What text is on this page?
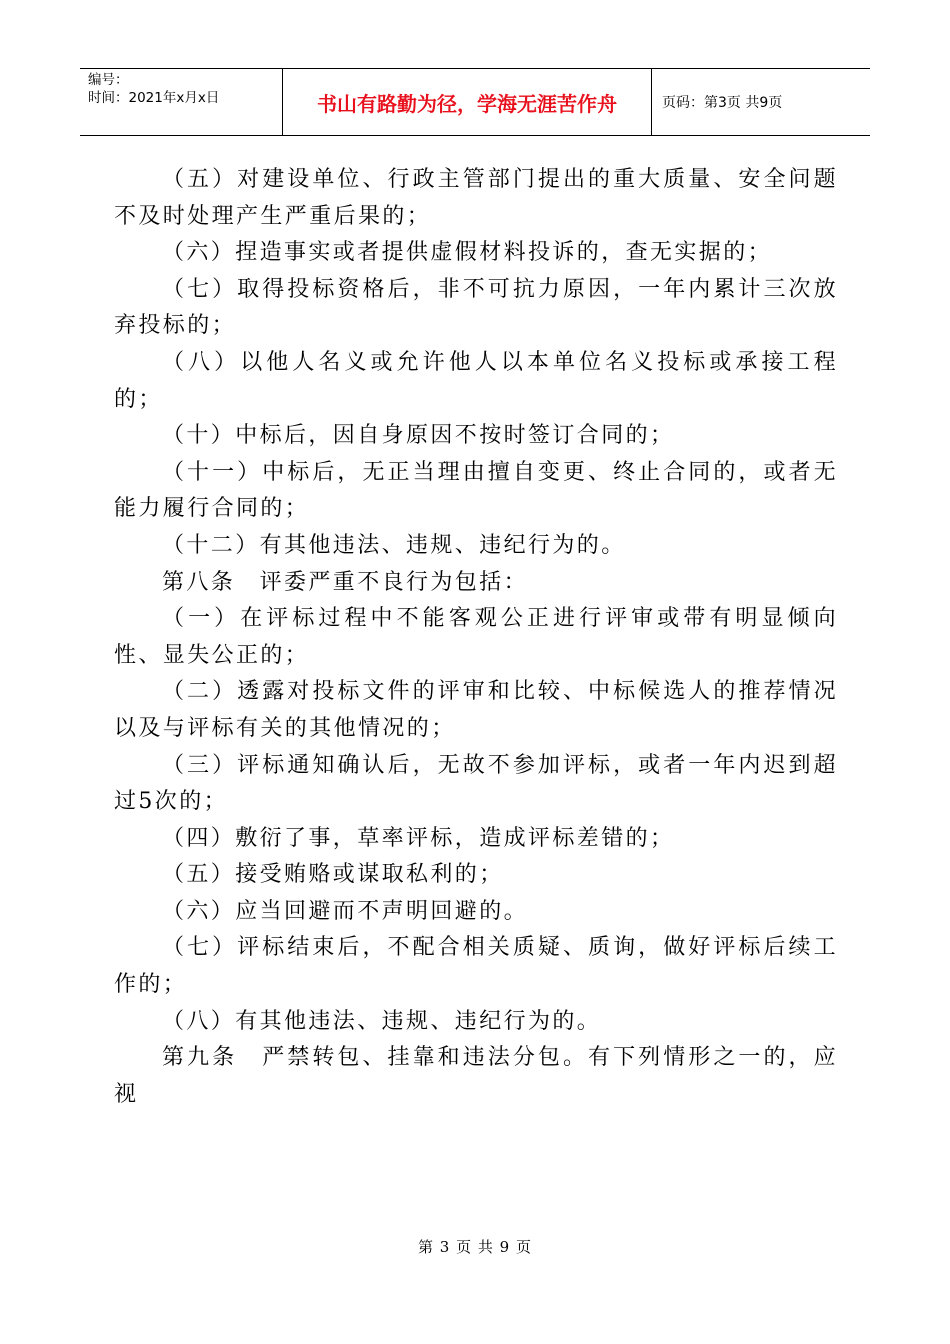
编号：
时间：2021年x月x日	书山有路勤为径，学海无涯苦作舟	页码：第3页 共9页

（五）对建设单位、行政主管部门提出的重大质量、安全问题不及时处理产生严重后果的；

（六）捏造事实或者提供虚假材料投诉的，查无实据的；

（七）取得投标资格后，非不可抗力原因，一年内累计三次放弃投标的；

（八）以他人名义或允许他人以本单位名义投标或承接工程的；

（十）中标后，因自身原因不按时签订合同的；

（十一）中标后，无正当理由擅自变更、终止合同的，或者无能力履行合同的；

（十二）有其他违法、违规、违纪行为的。

第八条　评委严重不良行为包括：

（一）在评标过程中不能客观公正进行评审或带有明显倾向性、显失公正的；

（二）透露对投标文件的评审和比较、中标候选人的推荐情况以及与评标有关的其他情况的；

（三）评标通知确认后，无故不参加评标，或者一年内迟到超过5次的；

（四）敷衍了事，草率评标，造成评标差错的；

（五）接受贿赂或谋取私利的；

（六）应当回避而不声明回避的。

（七）评标结束后，不配合相关质疑、质询，做好评标后续工作的；

（八）有其他违法、违规、违纪行为的。

第九条　严禁转包、挂靠和违法分包。有下列情形之一的，应视

第 3 页 共 9 页
